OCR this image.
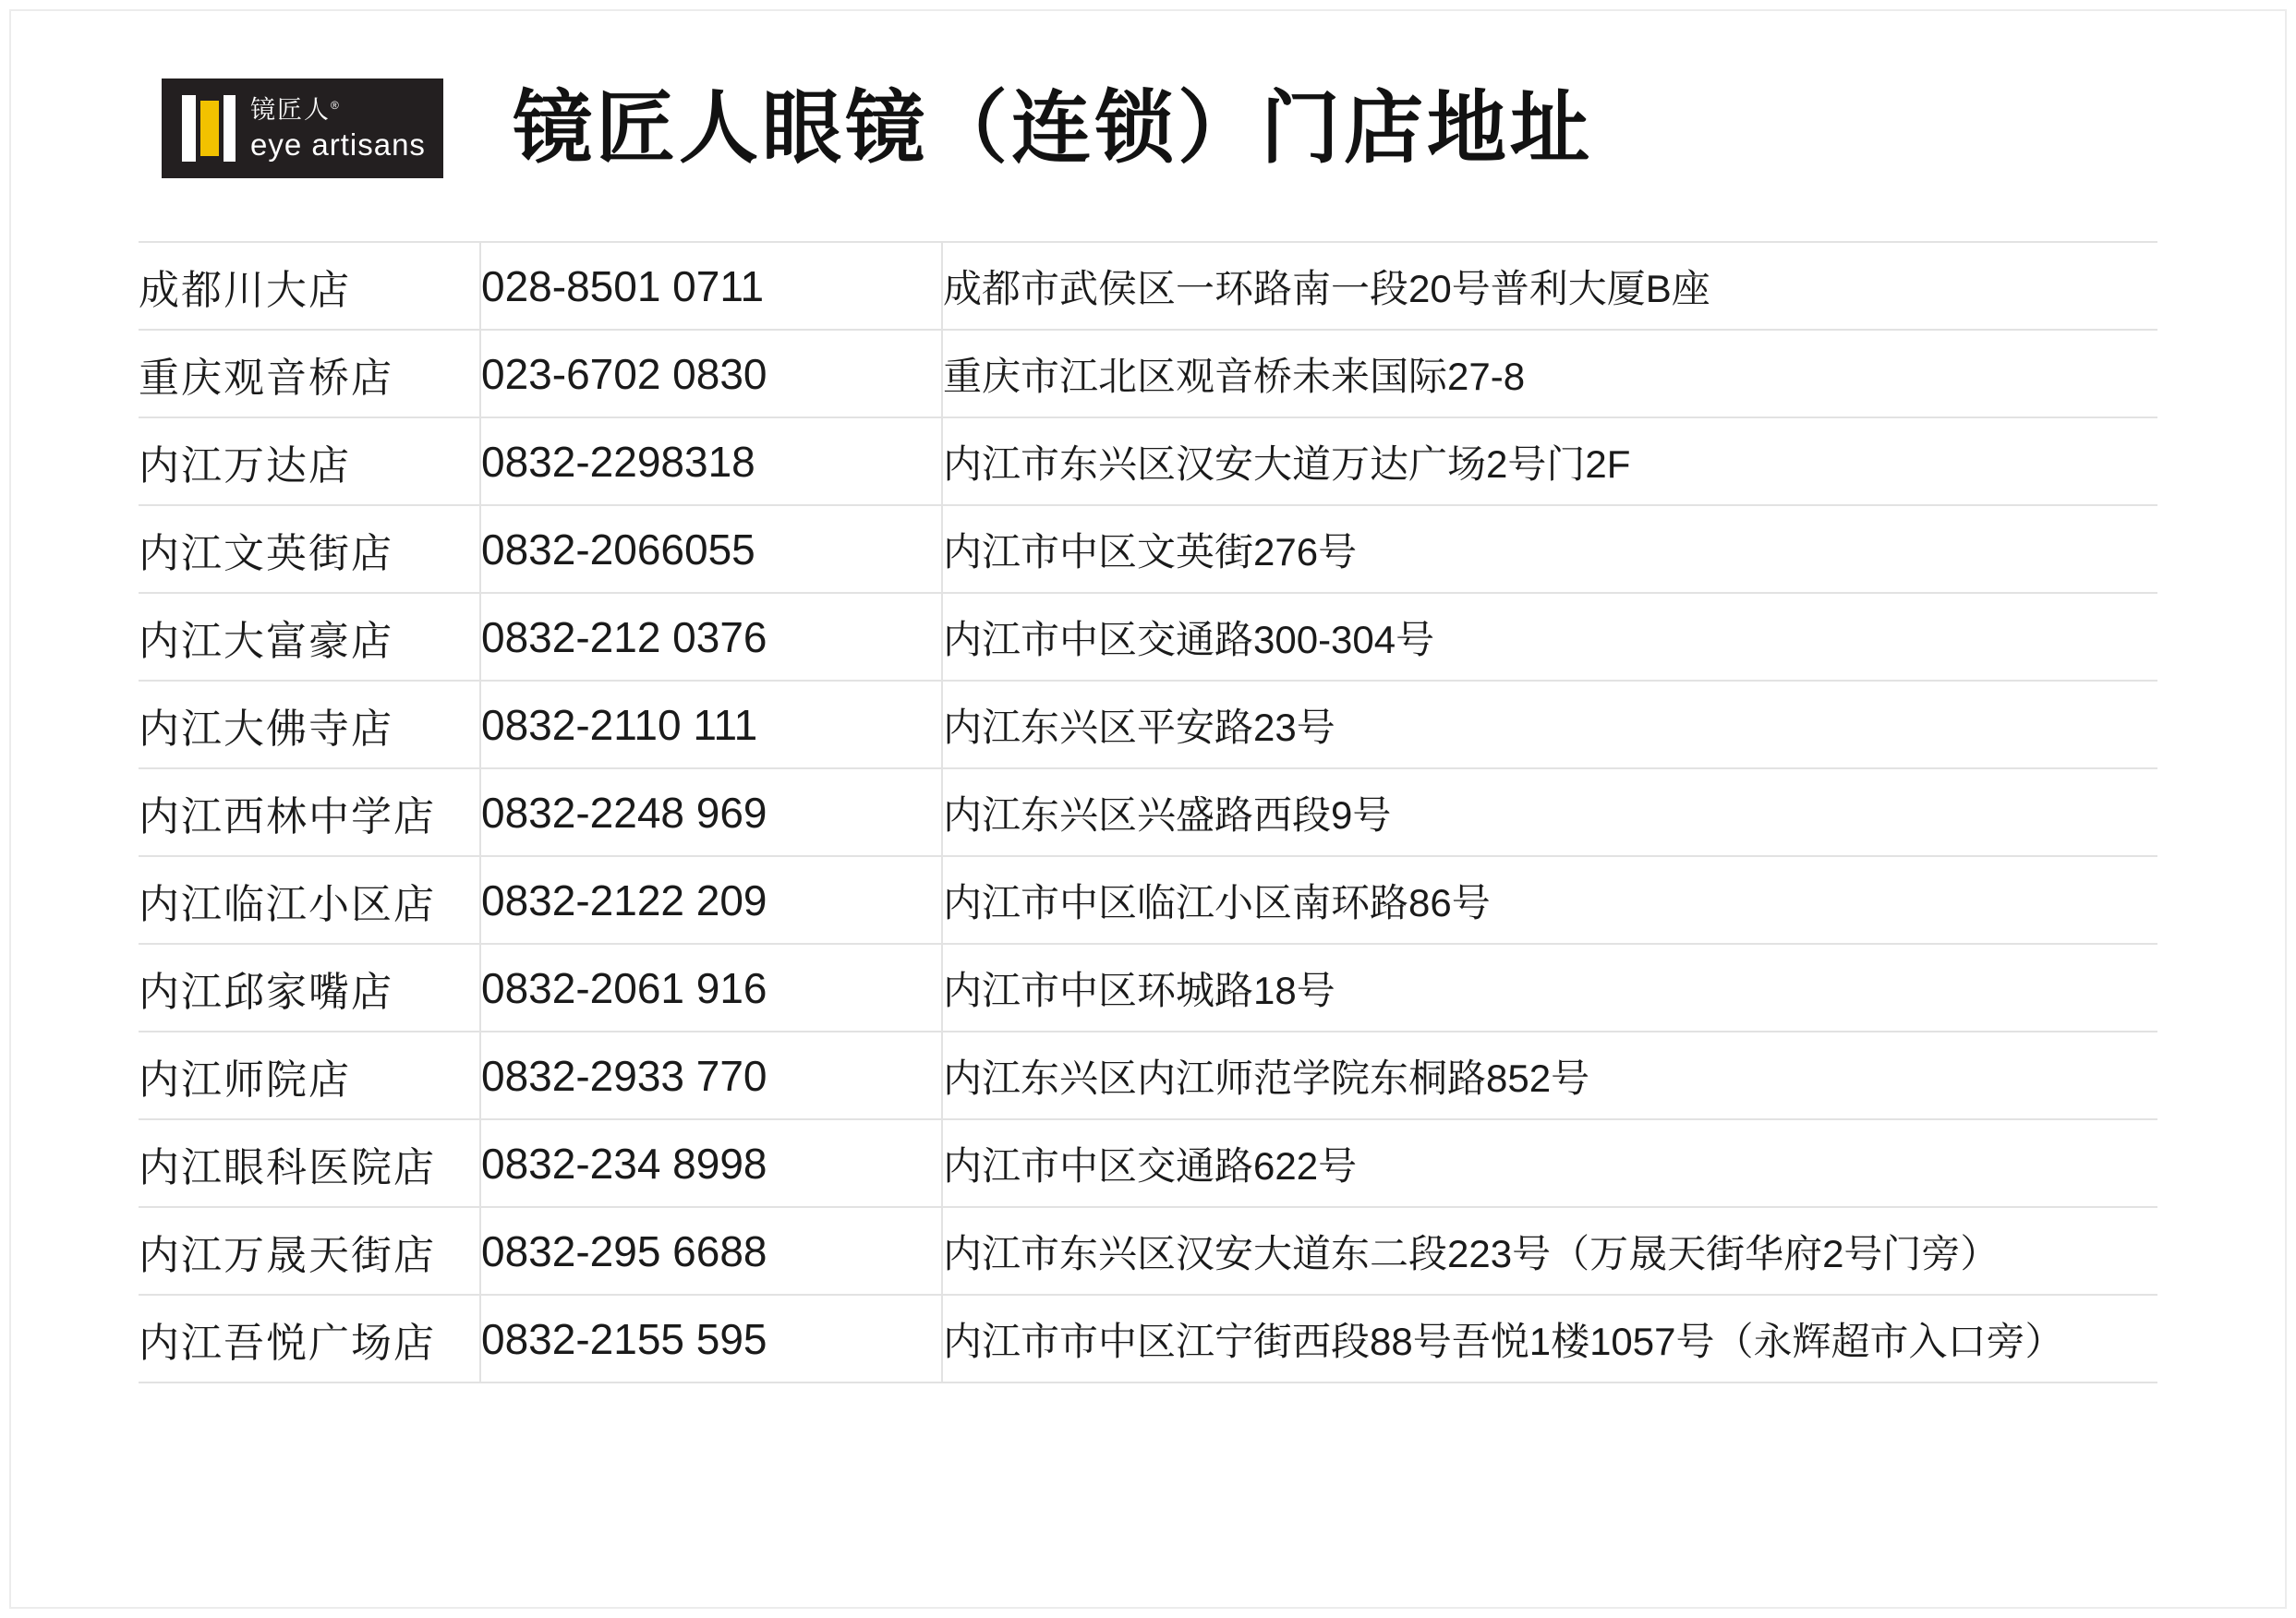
镜匠人®
eye artisans 镜匠人眼镜（连锁）门店地址
成都川大店	028-8501 0711	成都市武侯区一环路南一段20号普利大厦B座
重庆观音桥店	023-6702 0830	重庆市江北区观音桥未来国际27-8
内江万达店	0832-2298318	内江市东兴区汉安大道万达广场2号门2F
内江文英街店	0832-2066055	内江市中区文英街276号
内江大富豪店	0832-212 0376	内江市中区交通路300-304号
内江大佛寺店	0832-2110 111	内江东兴区平安路23号
内江西林中学店	0832-2248 969	内江东兴区兴盛路西段9号
内江临江小区店	0832-2122 209	内江市中区临江小区南环路86号
内江邱家嘴店	0832-2061 916	内江市中区环城路18号
内江师院店	0832-2933 770	内江东兴区内江师范学院东桐路852号
内江眼科医院店	0832-234 8998	内江市中区交通路622号
内江万晟天街店	0832-295 6688	内江市东兴区汉安大道东二段223号（万晟天街华府2号门旁）
内江吾悦广场店	0832-2155 595	内江市市中区江宁街西段88号吾悦1楼1057号（永辉超市入口旁）
